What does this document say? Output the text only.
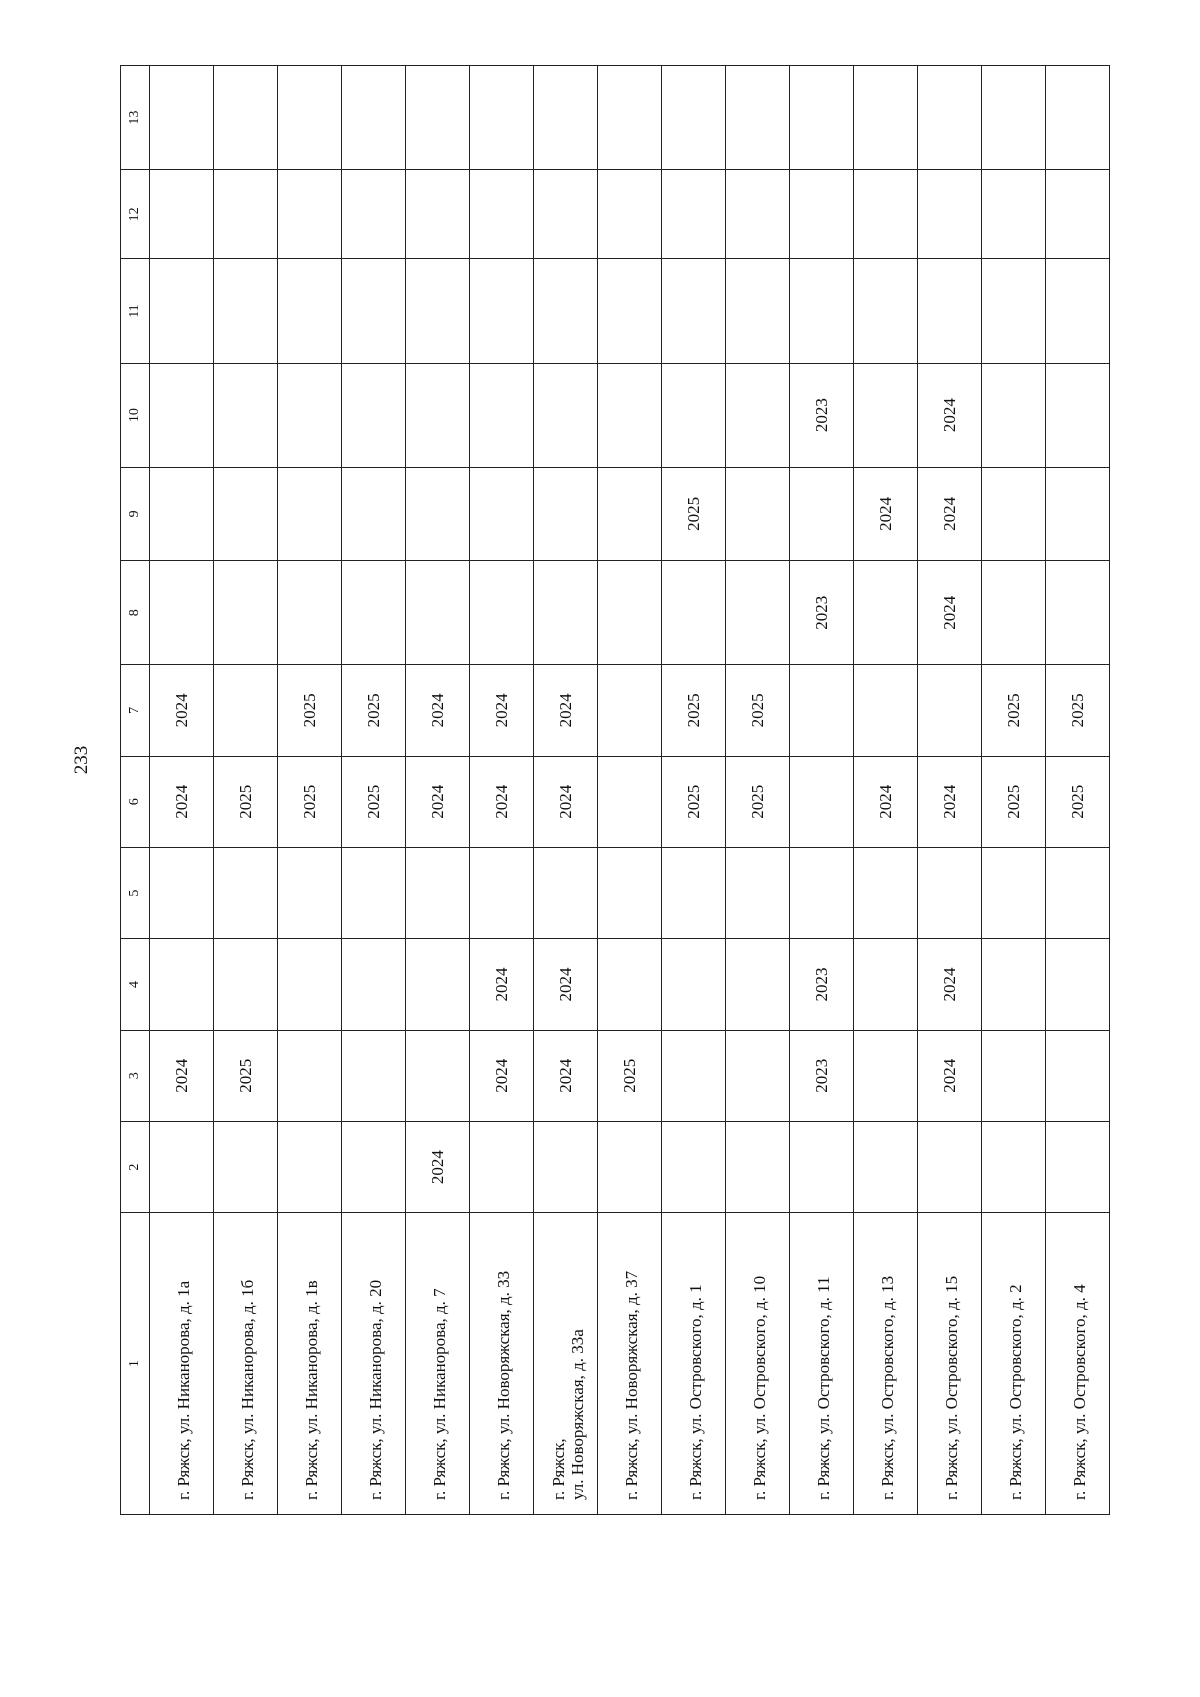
233
1	2	3	4	5	6	7	8	9	10	11	12	13
г. Ряжск, ул. Никанорова, д. 1а		2024			2024	2024						
г. Ряжск, ул. Никанорова, д. 1б		2025			2025							
г. Ряжск, ул. Никанорова, д. 1в					2025	2025						
г. Ряжск, ул. Никанорова, д. 20					2025	2025						
г. Ряжск, ул. Никанорова, д. 7	2024				2024	2024						
г. Ряжск, ул. Новоряжская, д. 33		2024	2024		2024	2024						
г. Ряжск, ул. Новоряжская, д. 33а		2024	2024		2024	2024						
г. Ряжск, ул. Новоряжская, д. 37		2025										
г. Ряжск, ул. Островского, д. 1					2025	2025		2025				
г. Ряжск, ул. Островского, д. 10					2025	2025						
г. Ряжск, ул. Островского, д. 11		2023	2023				2023		2023			
г. Ряжск, ул. Островского, д. 13					2024			2024				
г. Ряжск, ул. Островского, д. 15		2024	2024		2024		2024	2024	2024			
г. Ряжск, ул. Островского, д. 2					2025	2025						
г. Ряжск, ул. Островского, д. 4					2025	2025						
